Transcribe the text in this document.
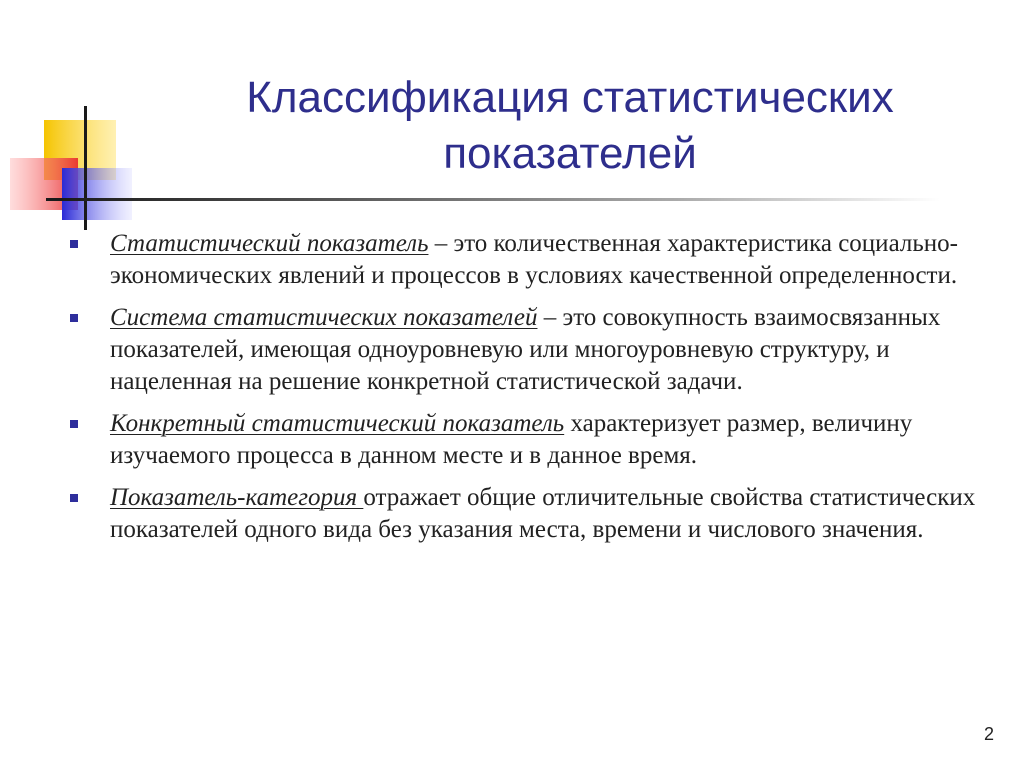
Классификация статистических
показателей
Статистический показатель – это количественная характеристика социально-экономических явлений и процессов в условиях качественной определенности.
Система статистических показателей – это совокупность взаимосвязанных показателей, имеющая одноуровневую или многоуровневую структуру, и нацеленная на решение конкретной статистической задачи.
Конкретный статистический показатель характеризует размер, величину изучаемого процесса в данном месте и в данное время.
Показатель-категория отражает общие отличительные свойства статистических показателей одного вида без указания места, времени и числового значения.
2
